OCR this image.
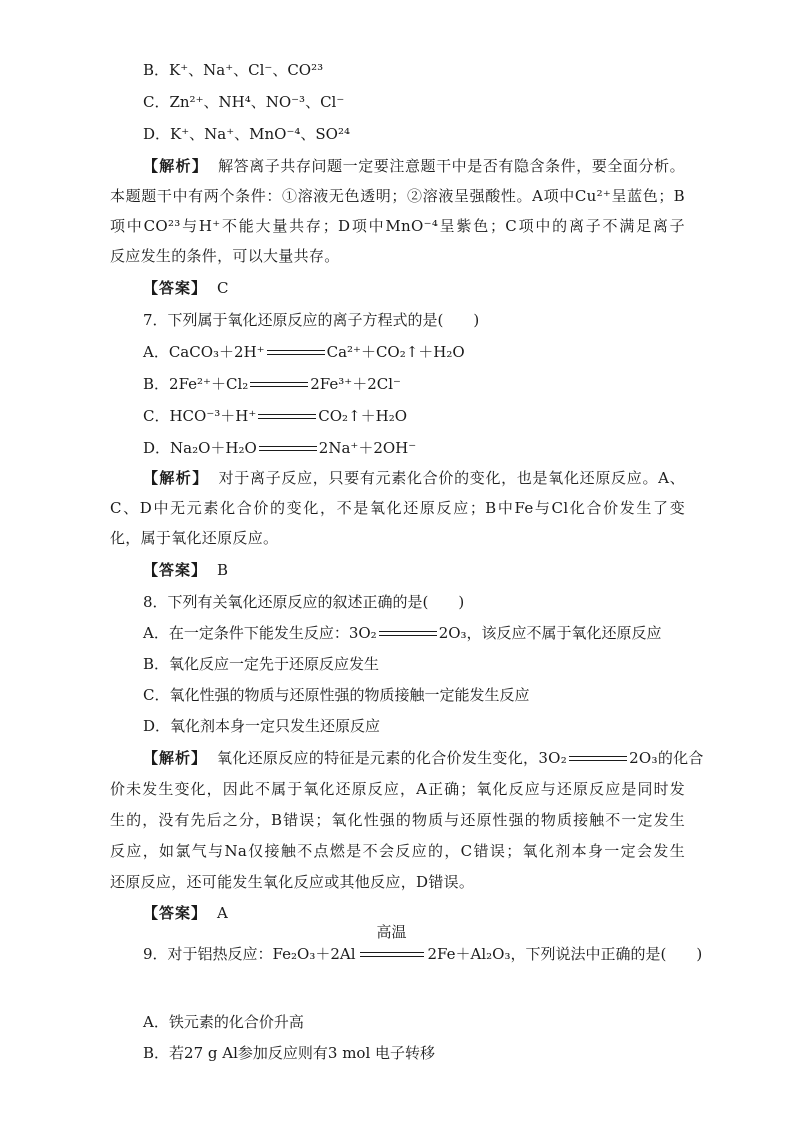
B．K⁺、Na⁺、Cl⁻、CO²³
C．Zn²⁺、NH⁴、NO⁻³、Cl⁻
D．K⁺、Na⁺、MnO⁻⁴、SO²⁴
【解析】 解答离子共存问题一定要注意题干中是否有隐含条件，要全面分析。
本题题干中有两个条件：①溶液无色透明；②溶液呈强酸性。A项中Cu²⁺呈蓝色；B
项中CO²³与H⁺不能大量共存；D项中MnO⁻⁴呈紫色；C项中的离子不满足离子
反应发生的条件，可以大量共存。
【答案】 C
7．下列属于氧化还原反应的离子方程式的是(　　)
A．CaCO₃＋2H⁺	Ca²⁺＋CO₂↑＋H₂O
B．2Fe²⁺＋Cl₂	2Fe³⁺＋2Cl⁻
C．HCO⁻³＋H⁺	CO₂↑＋H₂O
D．Na₂O＋H₂O	2Na⁺＋2OH⁻
【解析】 对于离子反应，只要有元素化合价的变化，也是氧化还原反应。A、
C、D中无元素化合价的变化，不是氧化还原反应；B中Fe与Cl化合价发生了变
化，属于氧化还原反应。
【答案】 B
8．下列有关氧化还原反应的叙述正确的是(　　)
A．在一定条件下能发生反应：3O₂	2O₃，该反应不属于氧化还原反应
B．氧化反应一定先于还原反应发生
C．氧化性强的物质与还原性强的物质接触一定能发生反应
D．氧化剂本身一定只发生还原反应
【解析】 氧化还原反应的特征是元素的化合价发生变化，3O₂	2O₃的化合
价未发生变化，因此不属于氧化还原反应，A正确；氧化反应与还原反应是同时发
生的，没有先后之分，B错误；氧化性强的物质与还原性强的物质接触不一定发生
反应，如氯气与Na仅接触不点燃是不会反应的，C错误；氧化剂本身一定会发生
还原反应，还可能发生氧化反应或其他反应，D错误。
【答案】 A
9．对于铝热反应：Fe₂O₃＋2Al
高温
2Fe＋Al₂O₃，下列说法中正确的是(　　)
A．铁元素的化合价升高
B．若27 g Al参加反应则有3 mol 电子转移
